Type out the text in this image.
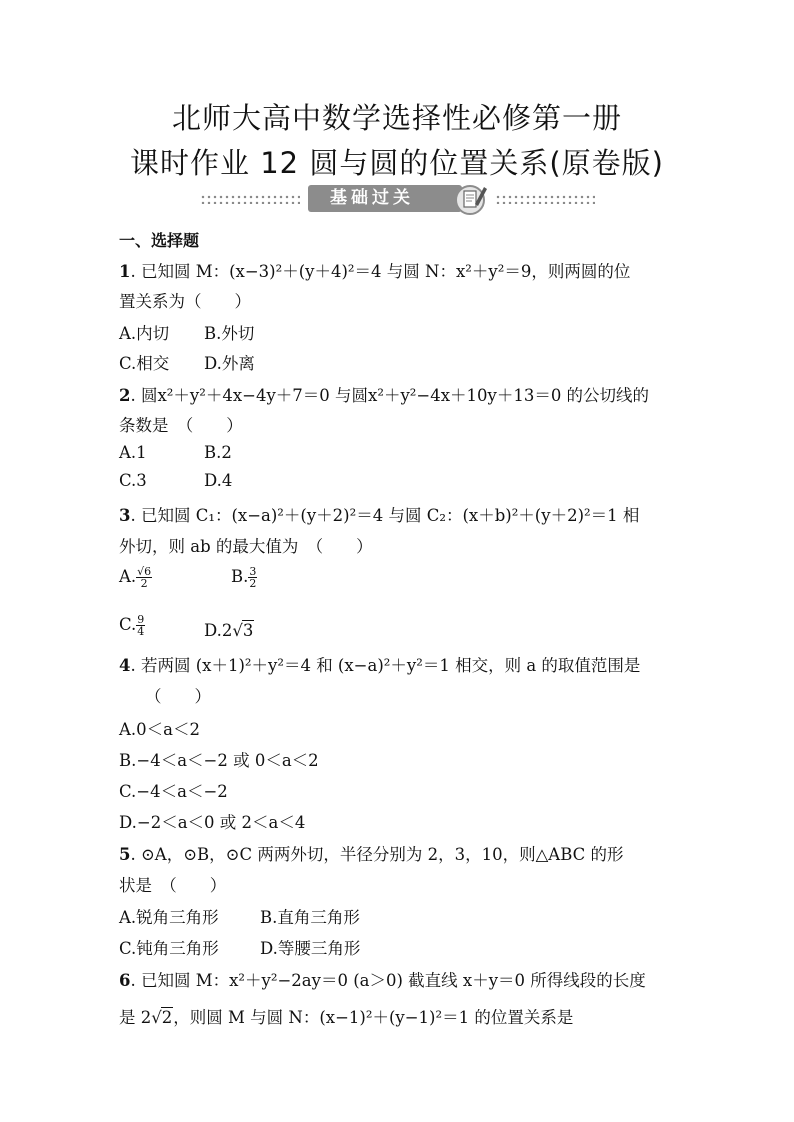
北师大高中数学选择性必修第一册
课时作业 12 圆与圆的位置关系(原卷版)
基础过关
一、选择题
1. 已知圆 M：(x−3)²＋(y＋4)²＝4 与圆 N：x²＋y²＝9，则两圆的位
置关系为（　　）
A.内切 B.外切
C.相交 D.外离
2. 圆x²＋y²＋4x−4y＋7＝0 与圆x²＋y²−4x＋10y＋13＝0 的公切线的
条数是　（　　）
A.1	B.2
C.3	D.4
3. 已知圆 C₁：(x−a)²＋(y＋2)²＝4 与圆 C₂：(x＋b)²＋(y＋2)²＝1 相
外切，则 ab 的最大值为　（　　）
A. $\frac{√6}{2}$	B. $\frac{3}{2}$
C. $\frac{9}{4}$	D.2√3
4. 若两圆 (x＋1)²＋y²＝4 和 (x−a)²＋y²＝1 相交，则 a 的取值范围是
（　　）
A.0＜a＜2
B.−4＜a＜−2 或 0＜a＜2
C.−4＜a＜−2
D.−2＜a＜0 或 2＜a＜4
5. ⊙A，⊙B，⊙C 两两外切，半径分别为 2，3，10，则△ABC 的形
状是　（　　）
A.锐角三角形	B.直角三角形
C.钝角三角形 D.等腰三角形
6. 已知圆 M：x²＋y²−2ay＝0 (a＞0) 截直线 x＋y＝0 所得线段的长度
是 2√2，则圆 M 与圆 N：(x−1)²＋(y−1)²＝1 的位置关系是
